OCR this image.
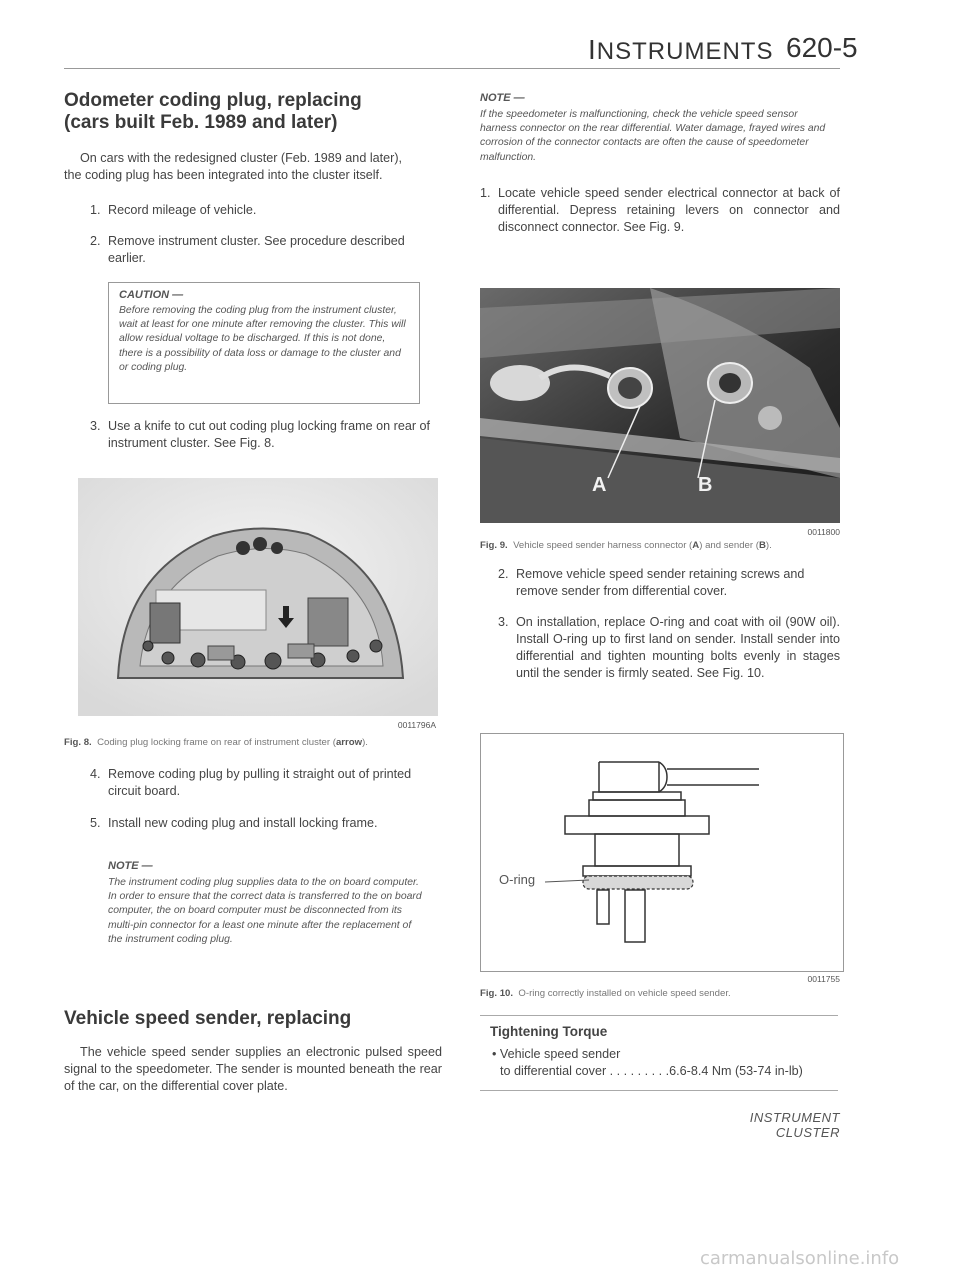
INSTRUMENTS 620-5
Odometer coding plug, replacing
(cars built Feb. 1989 and later)
On cars with the redesigned cluster (Feb. 1989 and later),
the coding plug has been integrated into the cluster itself.
1. Record mileage of vehicle.
2. Remove instrument cluster. See procedure described earlier.
CAUTION —
Before removing the coding plug from the instrument cluster, wait at least for one minute after removing the cluster. This will allow residual voltage to be discharged. If this is not done, there is a possibility of data loss or damage to the cluster and or coding plug.
3. Use a knife to cut out coding plug locking frame on rear of instrument cluster. See Fig. 8.
0011796A
Fig. 8. Coding plug locking frame on rear of instrument cluster (arrow).
4. Remove coding plug by pulling it straight out of printed circuit board.
5. Install new coding plug and install locking frame.
NOTE —
The instrument coding plug supplies data to the on board computer. In order to ensure that the correct data is transferred to the on board computer, the on board computer must be disconnected from its multi-pin connector for a least one minute after the replacement of the instrument coding plug.
Vehicle speed sender, replacing
The vehicle speed sender supplies an electronic pulsed speed signal to the speedometer. The sender is mounted beneath the rear of the car, on the differential cover plate.
NOTE —
If the speedometer is malfunctioning, check the vehicle speed sensor harness connector on the rear differential. Water damage, frayed wires and corrosion of the connector contacts are often the cause of speedometer malfunction.
1. Locate vehicle speed sender electrical connector at back of differential. Depress retaining levers on connector and disconnect connector. See Fig. 9.
A	B
0011800
Fig. 9. Vehicle speed sender harness connector (A) and sender (B).
2. Remove vehicle speed sender retaining screws and remove sender from differential cover.
3. On installation, replace O-ring and coat with oil (90W oil). Install O-ring up to first land on sender. Install sender into differential and tighten mounting bolts evenly in stages until the sender is firmly seated. See Fig. 10.
O-ring
0011755
Fig. 10. O-ring correctly installed on vehicle speed sender.
Tightening Torque
• Vehicle speed sender
to differential cover . . . . . . . . .6.6-8.4 Nm (53-74 in-lb)
INSTRUMENT CLUSTER
carmanualsonline.info
